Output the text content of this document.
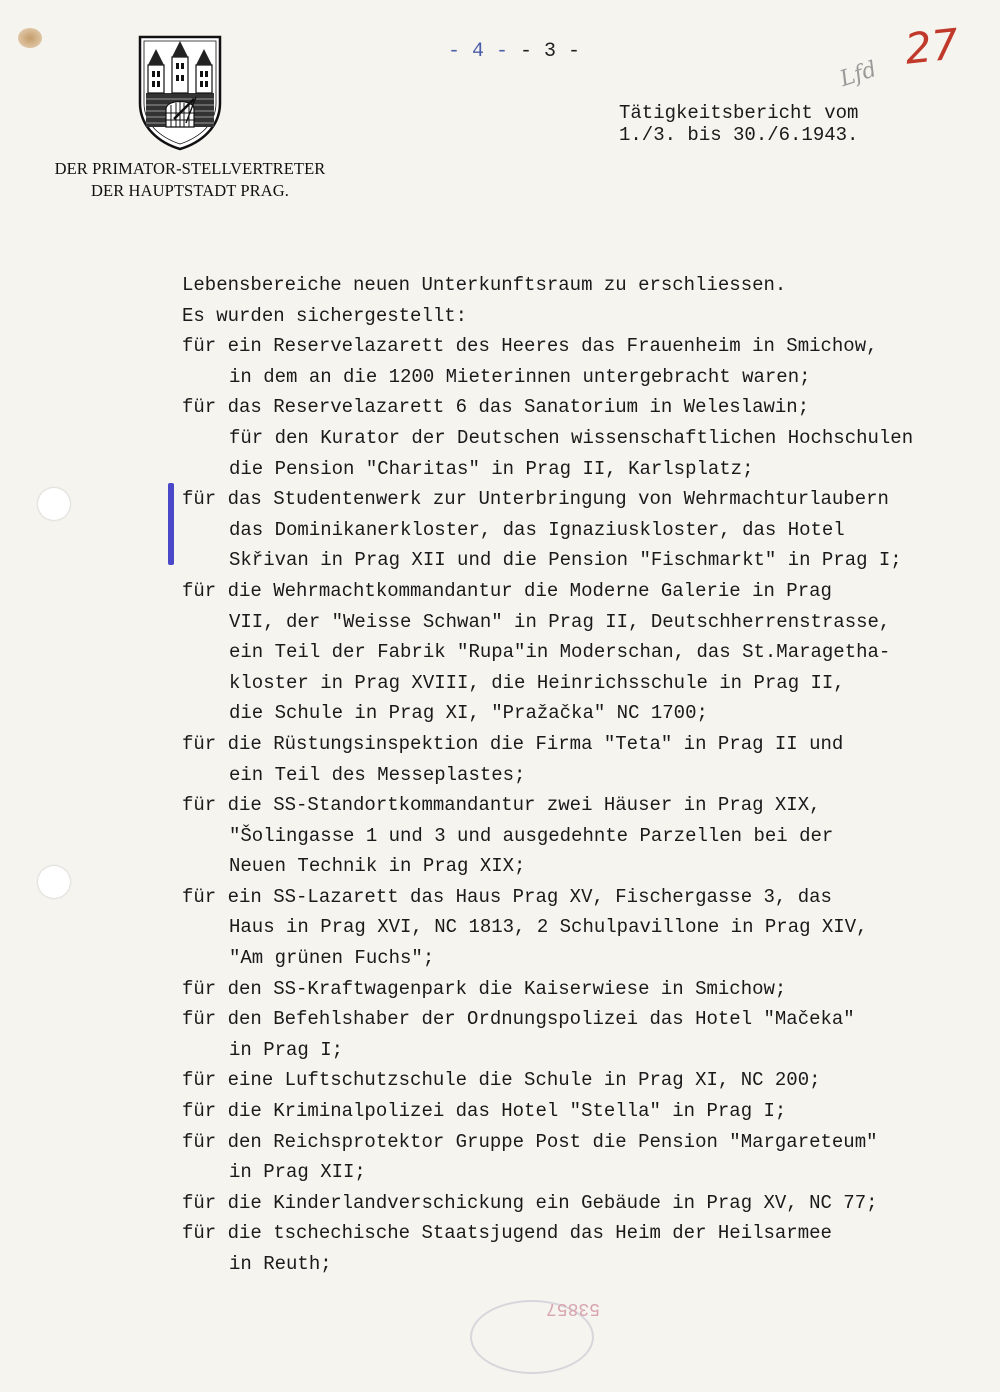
DER PRIMATOR-STELLVERTRETER
DER HAUPTSTADT PRAG.
- 4 - - 3 -
Lfd
27
Tätigkeitsbericht vom
1./3. bis 30./6.1943.
Lebensbereiche neuen Unterkunftsraum zu erschliessen.
Es wurden sichergestellt:
für ein Reservelazarett des Heeres das Frauenheim in Smichow,
in dem an die 1200 Mieterinnen untergebracht waren;
für das Reservelazarett 6 das Sanatorium in Weleslawin;
für den Kurator der Deutschen wissenschaftlichen Hochschulen
die Pension "Charitas" in Prag II, Karlsplatz;
für das Studentenwerk zur Unterbringung von Wehrmachturlaubern
das Dominikanerkloster, das Ignaziuskloster, das Hotel
Skřivan in Prag XII und die Pension "Fischmarkt" in Prag I;
für die Wehrmachtkommandantur die Moderne Galerie in Prag
VII, der "Weisse Schwan" in Prag II, Deutschherrenstrasse,
ein Teil der Fabrik "Rupa"in Moderschan, das St.Maragetha-
kloster in Prag XVIII, die Heinrichsschule in Prag II,
die Schule in Prag XI, "Pražačka" NC 1700;
für die Rüstungsinspektion die Firma "Teta" in Prag II und
ein Teil des Messeplastes;
für die SS-Standortkommandantur zwei Häuser in Prag XIX,
"Šolingasse 1 und 3 und ausgedehnte Parzellen bei der
Neuen Technik in Prag XIX;
für ein SS-Lazarett das Haus Prag XV, Fischergasse 3, das
Haus in Prag XVI, NC 1813, 2 Schulpavillone in Prag XIV,
"Am grünen Fuchs";
für den SS-Kraftwagenpark die Kaiserwiese in Smichow;
für den Befehlshaber der Ordnungspolizei das Hotel "Mačeka"
in Prag I;
für eine Luftschutzschule die Schule in Prag XI, NC 200;
für die Kriminalpolizei das Hotel "Stella" in Prag I;
für den Reichsprotektor Gruppe Post die Pension "Margareteum"
in Prag XII;
für die Kinderlandverschickung ein Gebäude in Prag XV, NC 77;
für die tschechische Staatsjugend das Heim der Heilsarmee
in Reuth;
53857
